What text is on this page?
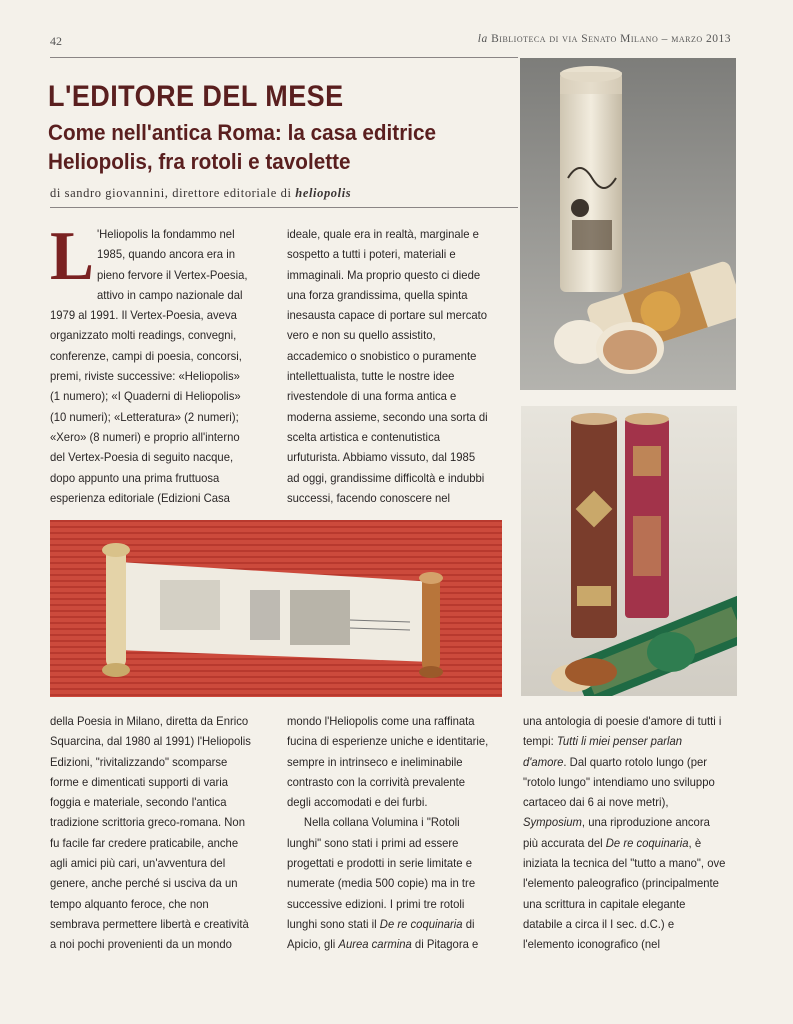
42	la Biblioteca di via Senato Milano – marzo 2013
L'EDITORE DEL MESE
Come nell'antica Roma: la casa editrice Heliopolis, fra rotoli e tavolette
di sandro giovannini, direttore editoriale di heliopolis

L 'Heliopolis la fondammo nel 1985, quando ancora era in pieno fervore il Vertex-Poesia, attivo in campo nazionale dal 1979 al 1991. Il Vertex-Poesia, aveva organizzato molti readings, convegni, conferenze, campi di poesia, concorsi, premi, riviste successive: «Heliopolis» (1 numero); «I Quaderni di Heliopolis» (10 numeri); «Letteratura» (2 numeri); «Xero» (8 numeri) e proprio all'interno del Vertex-Poesia di seguito nacque, dopo appunto una prima fruttuosa esperienza editoriale (Edizioni Casa

ideale, quale era in realtà, marginale e sospetto a tutti i poteri, materiali e immaginali. Ma proprio questo ci diede una forza grandissima, quella spinta inesausta capace di portare sul mercato vero e non su quello assistito, accademico o snobistico o puramente intellettualista, tutte le nostre idee rivestendole di una forma antica e moderna assieme, secondo una sorta di scelta artistica e contenutistica urfuturista. Abbiamo vissuto, dal 1985 ad oggi, grandissime difficoltà e indubbi successi, facendo conoscere nel

della Poesia in Milano, diretta da Enrico Squarcina, dal 1980 al 1991) l'Heliopolis Edizioni, "rivitalizzando" scomparse forme e dimenticati supporti di varia foggia e materiale, secondo l'antica tradizione scrittoria greco-romana. Non fu facile far credere praticabile, anche agli amici più cari, un'avventura del genere, anche perché si usciva da un tempo alquanto feroce, che non sembrava permettere libertà e creatività a noi pochi provenienti da un mondo

mondo l'Heliopolis come una raffinata fucina di esperienze uniche e identitarie, sempre in intrinseco e ineliminabile contrasto con la corrività prevalente degli accomodati e dei furbi.

Nella collana Volumina i "Rotoli lunghi" sono stati i primi ad essere progettati e prodotti in serie limitate e numerate (media 500 copie) ma in tre successive edizioni. I primi tre rotoli lunghi sono stati il De re coquinaria di Apicio, gli Aurea carmina di Pitagora e

una antologia di poesie d'amore di tutti i tempi: Tutti li miei penser parlan d'amore. Dal quarto rotolo lungo (per "rotolo lungo" intendiamo uno sviluppo cartaceo dai 6 ai nove metri), Symposium, una riproduzione ancora più accurata del De re coquinaria, è iniziata la tecnica del "tutto a mano", ove l'elemento paleografico (principalmente una scrittura in capitale elegante databile a circa il I sec. d.C.) e l'elemento iconografico (nel
